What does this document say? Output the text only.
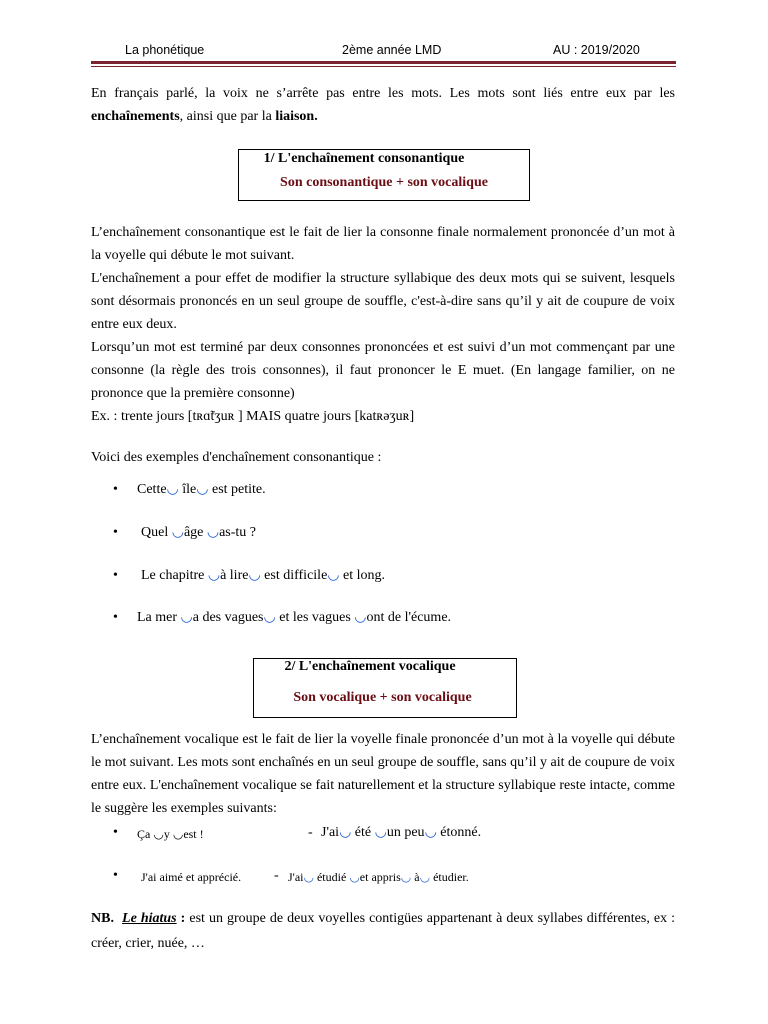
La phonétique	2ème année LMD	AU : 2019/2020
En français parlé, la voix ne s’arrête pas entre les mots. Les mots sont liés entre eux par les enchaînements, ainsi que par la liaison.
1/ L'enchaînement consonantique
Son consonantique + son vocalique
L’enchaînement consonantique est le fait de lier la consonne finale normalement prononcée d’un mot à la voyelle qui débute le mot suivant.
L'enchaînement a pour effet de modifier la structure syllabique des deux mots qui se suivent, lesquels sont désormais prononcés en un seul groupe de souffle, c'est-à-dire sans qu’il y ait de coupure de voix entre eux deux.
Lorsqu’un mot est terminé par deux consonnes prononcées et est suivi d’un mot commençant par une consonne (la règle des trois consonnes), il faut prononcer le E muet. (En langage familier, on ne prononce que la première consonne)
Ex. : trente jours [tʀɑ̃tʒuʀ ] MAIS quatre jours [katʀəʒuʀ]
Voici des exemples d'enchaînement consonantique :
• Cette◡ île◡ est petite.
• Quel ◡âge ◡as-tu ?
• Le chapitre ◡à lire◡ est difficile◡ et long.
• La mer ◡a des vagues◡ et les vagues ◡ont de l'écume.
2/ L'enchaînement vocalique
Son vocalique + son vocalique
L’enchaînement vocalique est le fait de lier la voyelle finale prononcée d’un mot à la voyelle qui débute le mot suivant. Les mots sont enchaînés en un seul groupe de souffle, sans qu’il y ait de coupure de voix entre eux. L'enchaînement vocalique se fait naturellement et la structure syllabique reste intacte, comme le suggère les exemples suivants:
• Ça ◡y ◡est !	- J'ai◡ été ◡un peu◡ étonné.
• J'ai aimé et apprécié. - J'ai◡ étudié ◡et appris◡ à◡ étudier.
NB. Le hiatus : est un groupe de deux voyelles contigües appartenant à deux syllabes différentes, ex : créer, crier, nuée, …
